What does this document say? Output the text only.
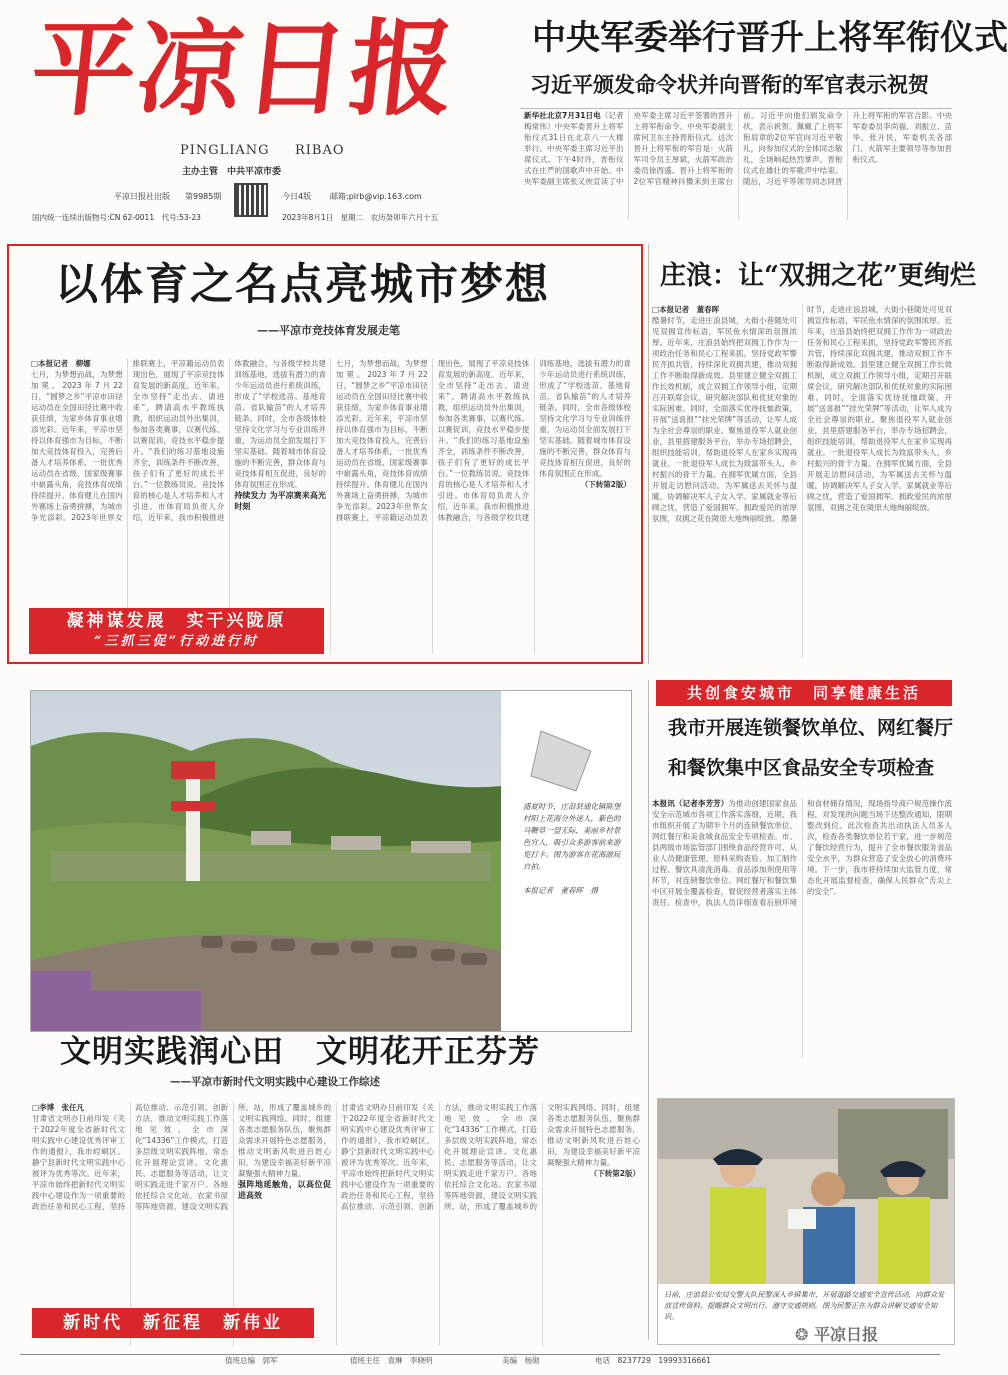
平凉日报
PINGLIANG RIBAO
主办主管　中共平凉市委
平凉日报社出版 第9985期	今日4版 邮箱:plrb@vip.163.com
国内统一连续出版物号:CN 62-0011　代号:53-23	2023年8月1日　星期二　农历癸卯年六月十五
中央军委举行晋升上将军衔仪式
习近平颁发命令状并向晋衔的军官表示祝贺
新华社北京7月31日电（记者梅常伟）中央军委晋升上将军衔仪式31日在北京八一大楼举行。中央军委主席习近平出席仪式。下午4时许，晋衔仪式在庄严的国歌声中开始。中央军委副主席张又侠宣读了中央军委主席习近平签署的晋升上将军衔命令。中央军委副主席何卫东主持晋衔仪式。这次晋升上将军衔的军官是：火箭军司令员王厚斌，火箭军政治委员徐西盛。晋升上将军衔的2位军官精神抖擞来到主席台前。习近平向他们颁发命令状，表示祝贺。佩戴了上将军衔肩章的2位军官向习近平敬礼，向参加仪式的全体同志敬礼，全场响起热烈掌声。晋衔仪式在雄壮的军歌声中结束。随后，习近平等领导同志同晋升上将军衔的军官合影。中央军委委员李尚福、刘振立、苗华、张升民，军委机关各部门、火箭军主要领导等参加晋衔仪式。
以体育之名点亮城市梦想
——平凉市竞技体育发展走笔
□本报记者　柳娜
七月，为梦想而战，为梦想加冕。2023年7月22日，“圆梦之乡”平凉市田径运动员在全国田径比赛中收获佳绩，为家乡体育事业增添光彩。近年来，平凉市坚持以体育强市为目标，不断加大竞技体育投入，完善后备人才培养体系，一批优秀运动员在省级、国家级赛事中崭露头角，竞技体育成绩持续提升。体育健儿在国内外赛场上奋勇拼搏，为城市争光添彩。2023年世界女排联赛上，平凉籍运动员表现出色，展现了平凉竞技体育发展的新高度。近年来，全市坚持“走出去、请进来”，聘请高水平教练执教，组织运动员外出集训，参加各类赛事，以赛代练、以赛促训，竞技水平稳步提升。“我们的练习基地设施齐全，训练条件不断改善，孩子们有了更好的成长平台。”一位教练员说。竞技体育的核心是人才培养和人才引进。市体育局负责人介绍，近年来，我市积极推进体教融合，与各级学校共建训练基地，选拔有潜力的青少年运动员进行系统训练，形成了“学校选苗、基地育苗、省队输苗”的人才培养链条。同时，全市各级体校坚持文化学习与专业训练并重，为运动员全面发展打下坚实基础。随着城市体育设施的不断完善，群众体育与竞技体育相互促进，良好的体育氛围正在形成。
持续发力 为平凉赛来高光时刻
七月，为梦想而战，为梦想加冕。2023年7月22日，“圆梦之乡”平凉市田径运动员在全国田径比赛中收获佳绩，为家乡体育事业增添光彩。近年来，平凉市坚持以体育强市为目标，不断加大竞技体育投入，完善后备人才培养体系，一批优秀运动员在省级、国家级赛事中崭露头角，竞技体育成绩持续提升。体育健儿在国内外赛场上奋勇拼搏，为城市争光添彩。2023年世界女排联赛上，平凉籍运动员表现出色，展现了平凉竞技体育发展的新高度。近年来，全市坚持“走出去、请进来”，聘请高水平教练执教，组织运动员外出集训，参加各类赛事，以赛代练、以赛促训，竞技水平稳步提升。“我们的练习基地设施齐全，训练条件不断改善，孩子们有了更好的成长平台。”一位教练员说。竞技体育的核心是人才培养和人才引进。市体育局负责人介绍，近年来，我市积极推进体教融合，与各级学校共建训练基地，选拔有潜力的青少年运动员进行系统训练，形成了“学校选苗、基地育苗、省队输苗”的人才培养链条。同时，全市各级体校坚持文化学习与专业训练并重，为运动员全面发展打下坚实基础。随着城市体育设施的不断完善，群众体育与竞技体育相互促进，良好的体育氛围正在形成。
（下转第2版）
凝神谋发展　实干兴陇原
“三抓三促”行动进行时
庄浪：让“双拥之花”更绚烂
□本报记者　董春晖
酷暑时节，走进庄浪县城，大街小巷随处可见双拥宣传标语，军民鱼水情深的氛围浓厚。近年来，庄浪县始终把双拥工作作为一项政治任务和民心工程来抓，坚持党政军警民齐抓共管，持续深化双拥共建，推动双拥工作不断取得新成效。县里建立健全双拥工作长效机制，成立双拥工作领导小组，定期召开联席会议，研究解决部队和优抚对象的实际困难。同时，全面落实优待抚恤政策，开展“送喜报”“挂光荣牌”等活动，让军人成为全社会尊崇的职业。聚焦退役军人就业创业，县里搭建服务平台，举办专场招聘会，组织技能培训，帮助退役军人在家乡实现再就业。一批退役军人成长为致富带头人、乡村振兴的骨干力量。在拥军优属方面，全县开展走访慰问活动，为军属送去关怀与温暖，协调解决军人子女入学、家属就业等后顾之忧，营造了爱国拥军、拥政爱民的浓厚氛围，双拥之花在陇原大地绚丽绽放。 酷暑时节，走进庄浪县城，大街小巷随处可见双拥宣传标语，军民鱼水情深的氛围浓厚。近年来，庄浪县始终把双拥工作作为一项政治任务和民心工程来抓，坚持党政军警民齐抓共管，持续深化双拥共建，推动双拥工作不断取得新成效。县里建立健全双拥工作长效机制，成立双拥工作领导小组，定期召开联席会议，研究解决部队和优抚对象的实际困难。同时，全面落实优待抚恤政策，开展“送喜报”“挂光荣牌”等活动，让军人成为全社会尊崇的职业。聚焦退役军人就业创业，县里搭建服务平台，举办专场招聘会，组织技能培训，帮助退役军人在家乡实现再就业。一批退役军人成长为致富带头人、乡村振兴的骨干力量。在拥军优属方面，全县开展走访慰问活动，为军属送去关怀与温暖，协调解决军人子女入学、家属就业等后顾之忧，营造了爱国拥军、拥政爱民的浓厚氛围，双拥之花在陇原大地绚丽绽放。
盛夏时节，庄浪县通化镇陈堡村阳上花海分外迷人，紫色的马鞭草一望无际，美丽乡村景色宜人，吸引众多游客前来游览打卡。图为游客在花海游玩自拍。
本报记者　董春晖　摄
共创食安城市　同享健康生活
我市开展连锁餐饮单位、网红餐厅
和餐饮集中区食品安全专项检查
本报讯（记者李芳芳）为推动创建国家食品安全示范城市各项工作落实落细，近期，我市组织开展了为期半个月的连锁餐饮单位、网红餐厅和美食城食品安全专项检查。市、县两级市场监管部门围绕食品经营许可、从业人员健康管理、原料采购查验、加工制作过程、餐饮具清洗消毒、食品添加剂使用等环节，对连锁餐饮单位、网红餐厅和餐饮集中区开展全覆盖检查，督促经营者落实主体责任。检查中，执法人员详细查看后厨环境和食材储存情况，现场指导商户规范操作流程，对发现的问题当场下达整改通知，限期整改到位。此次检查共出动执法人员多人次，检查各类餐饮单位若干家，进一步规范了餐饮经营行为，提升了全市餐饮服务食品安全水平，为群众营造了安全放心的消费环境。下一步，我市将持续加大监管力度，常态化开展监督检查，确保人民群众“舌尖上的安全”。
文明实践润心田　文明花开正芬芳
——平凉市新时代文明实践中心建设工作综述
□李博　张任凡
甘肃省文明办日前印发《关于2022年度全省新时代文明实践中心建设优秀评审工作的通报》，我市崆峒区、静宁县新时代文明实践中心被评为优秀等次。近年来，平凉市始终把新时代文明实践中心建设作为一项重要的政治任务和民心工程，坚持高位推动、示范引领、创新方法，推动文明实践工作落地见效。全市深化“14336”工作模式，打造多层级文明实践阵地，常态化开展理论宣讲、文化惠民、志愿服务等活动，让文明实践走进千家万户。各地依托综合文化站、农家书屋等阵地资源，建设文明实践所、站，形成了覆盖城乡的文明实践网络。同时，组建各类志愿服务队伍，聚焦群众需求开展特色志愿服务，推动文明新风吹进百姓心田，为建设幸福美好新平凉凝聚强大精神力量。
强阵地延触角，以高位促进高效
甘肃省文明办日前印发《关于2022年度全省新时代文明实践中心建设优秀评审工作的通报》，我市崆峒区、静宁县新时代文明实践中心被评为优秀等次。近年来，平凉市始终把新时代文明实践中心建设作为一项重要的政治任务和民心工程，坚持高位推动、示范引领、创新方法，推动文明实践工作落地见效。全市深化“14336”工作模式，打造多层级文明实践阵地，常态化开展理论宣讲、文化惠民、志愿服务等活动，让文明实践走进千家万户。各地依托综合文化站、农家书屋等阵地资源，建设文明实践所、站，形成了覆盖城乡的文明实践网络。同时，组建各类志愿服务队伍，聚焦群众需求开展特色志愿服务，推动文明新风吹进百姓心田，为建设幸福美好新平凉凝聚强大精神力量。
（下转第2版）
新时代　新征程　新伟业
日前，庄浪县公安局交警大队民警深入乡镇集市，开展道路交通安全宣传活动，向群众发放宣传资料，提醒群众文明出行、遵守交通规则。图为民警正在为群众讲解交通安全知识。
值班总编　郭军	值班主任　袁琳　李晓明	美编　杨勋	电话　8237729　19993316661
❂ 平凉日报
